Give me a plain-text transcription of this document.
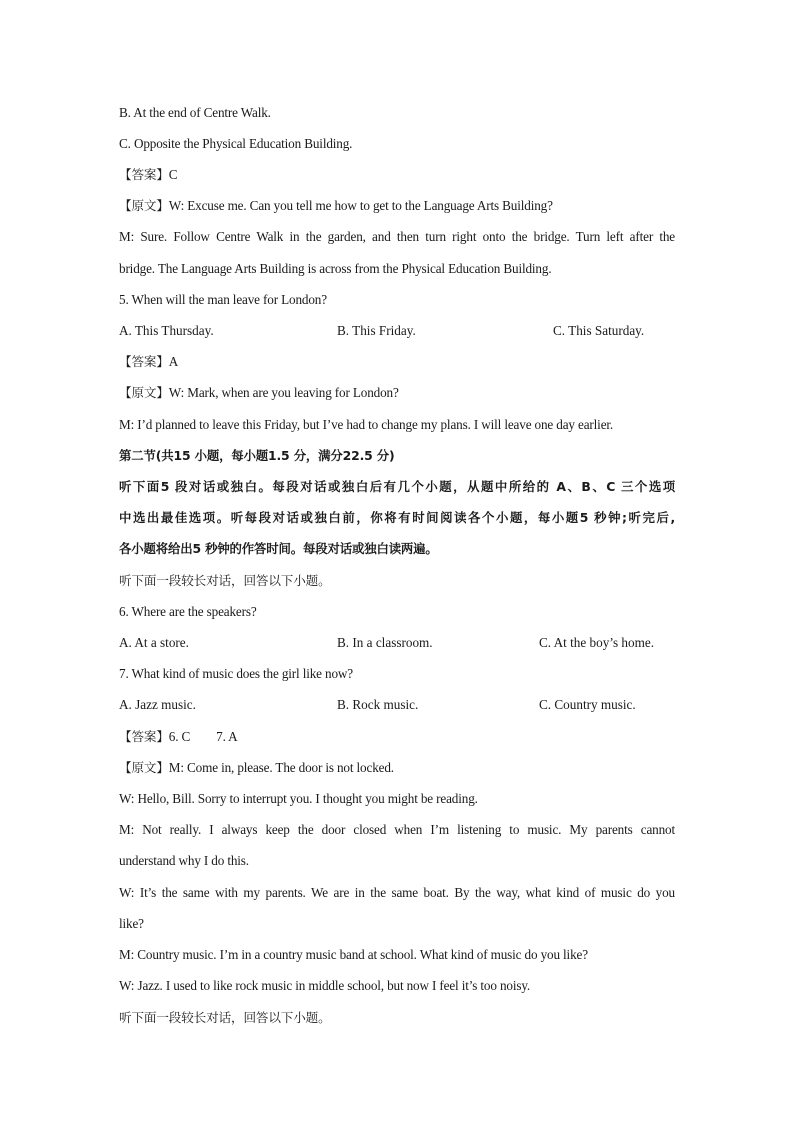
B. At the end of Centre Walk.
C. Opposite the Physical Education Building.
【答案】C
【原文】W: Excuse me. Can you tell me how to get to the Language Arts Building?
M: Sure. Follow Centre Walk in the garden, and then turn right onto the bridge. Turn left after the
bridge. The Language Arts Building is across from the Physical Education Building.
5. When will the man leave for London?
A. This Thursday.	B. This Friday.	C. This Saturday.
【答案】A
【原文】W: Mark, when are you leaving for London?
M: I’d planned to leave this Friday, but I’ve had to change my plans. I will leave one day earlier.
第二节(共15 小题，每小题1.5 分，满分22.5 分)
听下面5 段对话或独白。每段对话或独白后有几个小题，从题中所给的 A、B、C 三个选项
中选出最佳选项。听每段对话或独白前，你将有时间阅读各个小题，每小题5 秒钟;听完后,
各小题将给出5 秒钟的作答时间。每段对话或独白读两遍。
听下面一段较长对话，回答以下小题。
6. Where are the speakers?
A. At a store.	B. In a classroom.	C. At the boy’s home.
7. What kind of music does the girl like now?
A. Jazz music.	B. Rock music.	C. Country music.
【答案】6. C 7. A
【原文】M: Come in, please. The door is not locked.
W: Hello, Bill. Sorry to interrupt you. I thought you might be reading.
M: Not really. I always keep the door closed when I’m listening to music. My parents cannot
understand why I do this.
W: It’s the same with my parents. We are in the same boat. By the way, what kind of music do you
like?
M: Country music. I’m in a country music band at school. What kind of music do you like?
W: Jazz. I used to like rock music in middle school, but now I feel it’s too noisy.
听下面一段较长对话，回答以下小题。
